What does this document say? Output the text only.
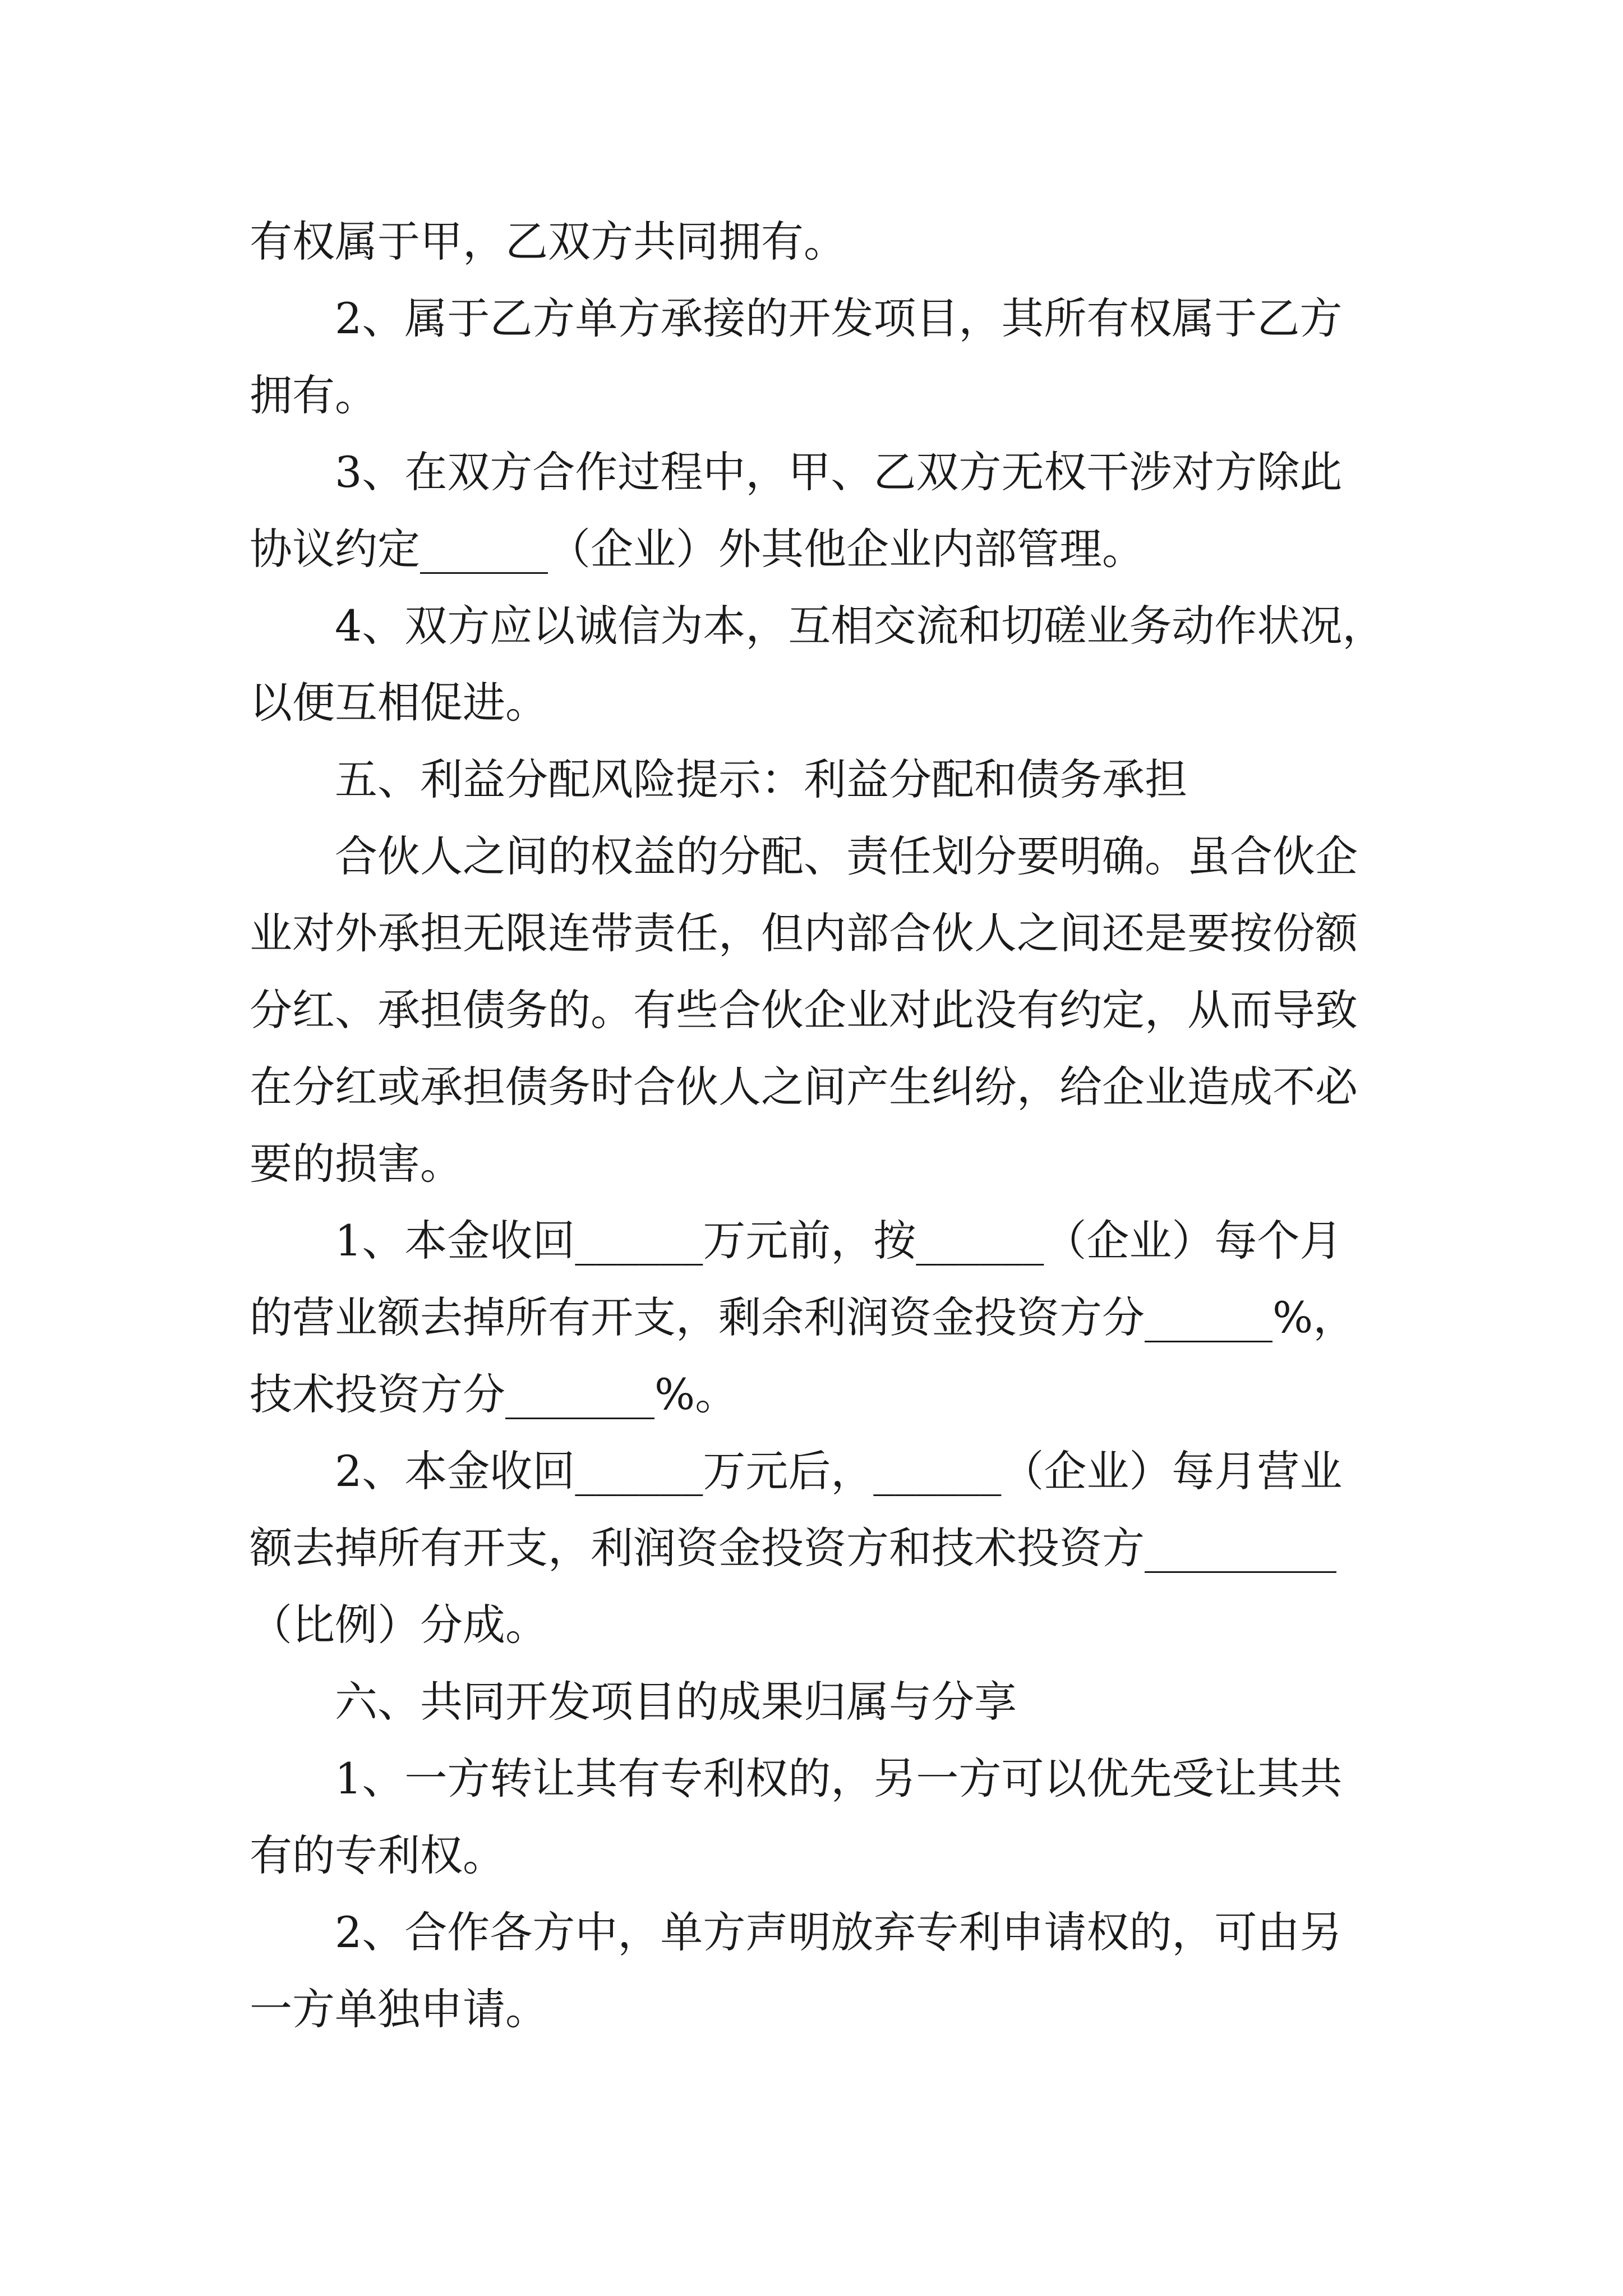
有权属于甲，乙双方共同拥有。
2、属于乙方单方承接的开发项目，其所有权属于乙方
拥有。
3、在双方合作过程中，甲、乙双方无权干涉对方除此
协议约定______（企业）外其他企业内部管理。
4、双方应以诚信为本，互相交流和切磋业务动作状况，
以便互相促进。
五、利益分配风险提示：利益分配和债务承担
合伙人之间的权益的分配、责任划分要明确。虽合伙企
业对外承担无限连带责任，但内部合伙人之间还是要按份额
分红、承担债务的。有些合伙企业对此没有约定，从而导致
在分红或承担债务时合伙人之间产生纠纷，给企业造成不必
要的损害。
1、本金收回______万元前，按______（企业）每个月
的营业额去掉所有开支，剩余利润资金投资方分______%，
技术投资方分_______%。
2、本金收回______万元后，______（企业）每月营业
额去掉所有开支，利润资金投资方和技术投资方_________
（比例）分成。
六、共同开发项目的成果归属与分享
1、一方转让其有专利权的，另一方可以优先受让其共
有的专利权。
2、合作各方中，单方声明放弃专利申请权的，可由另
一方单独申请。
